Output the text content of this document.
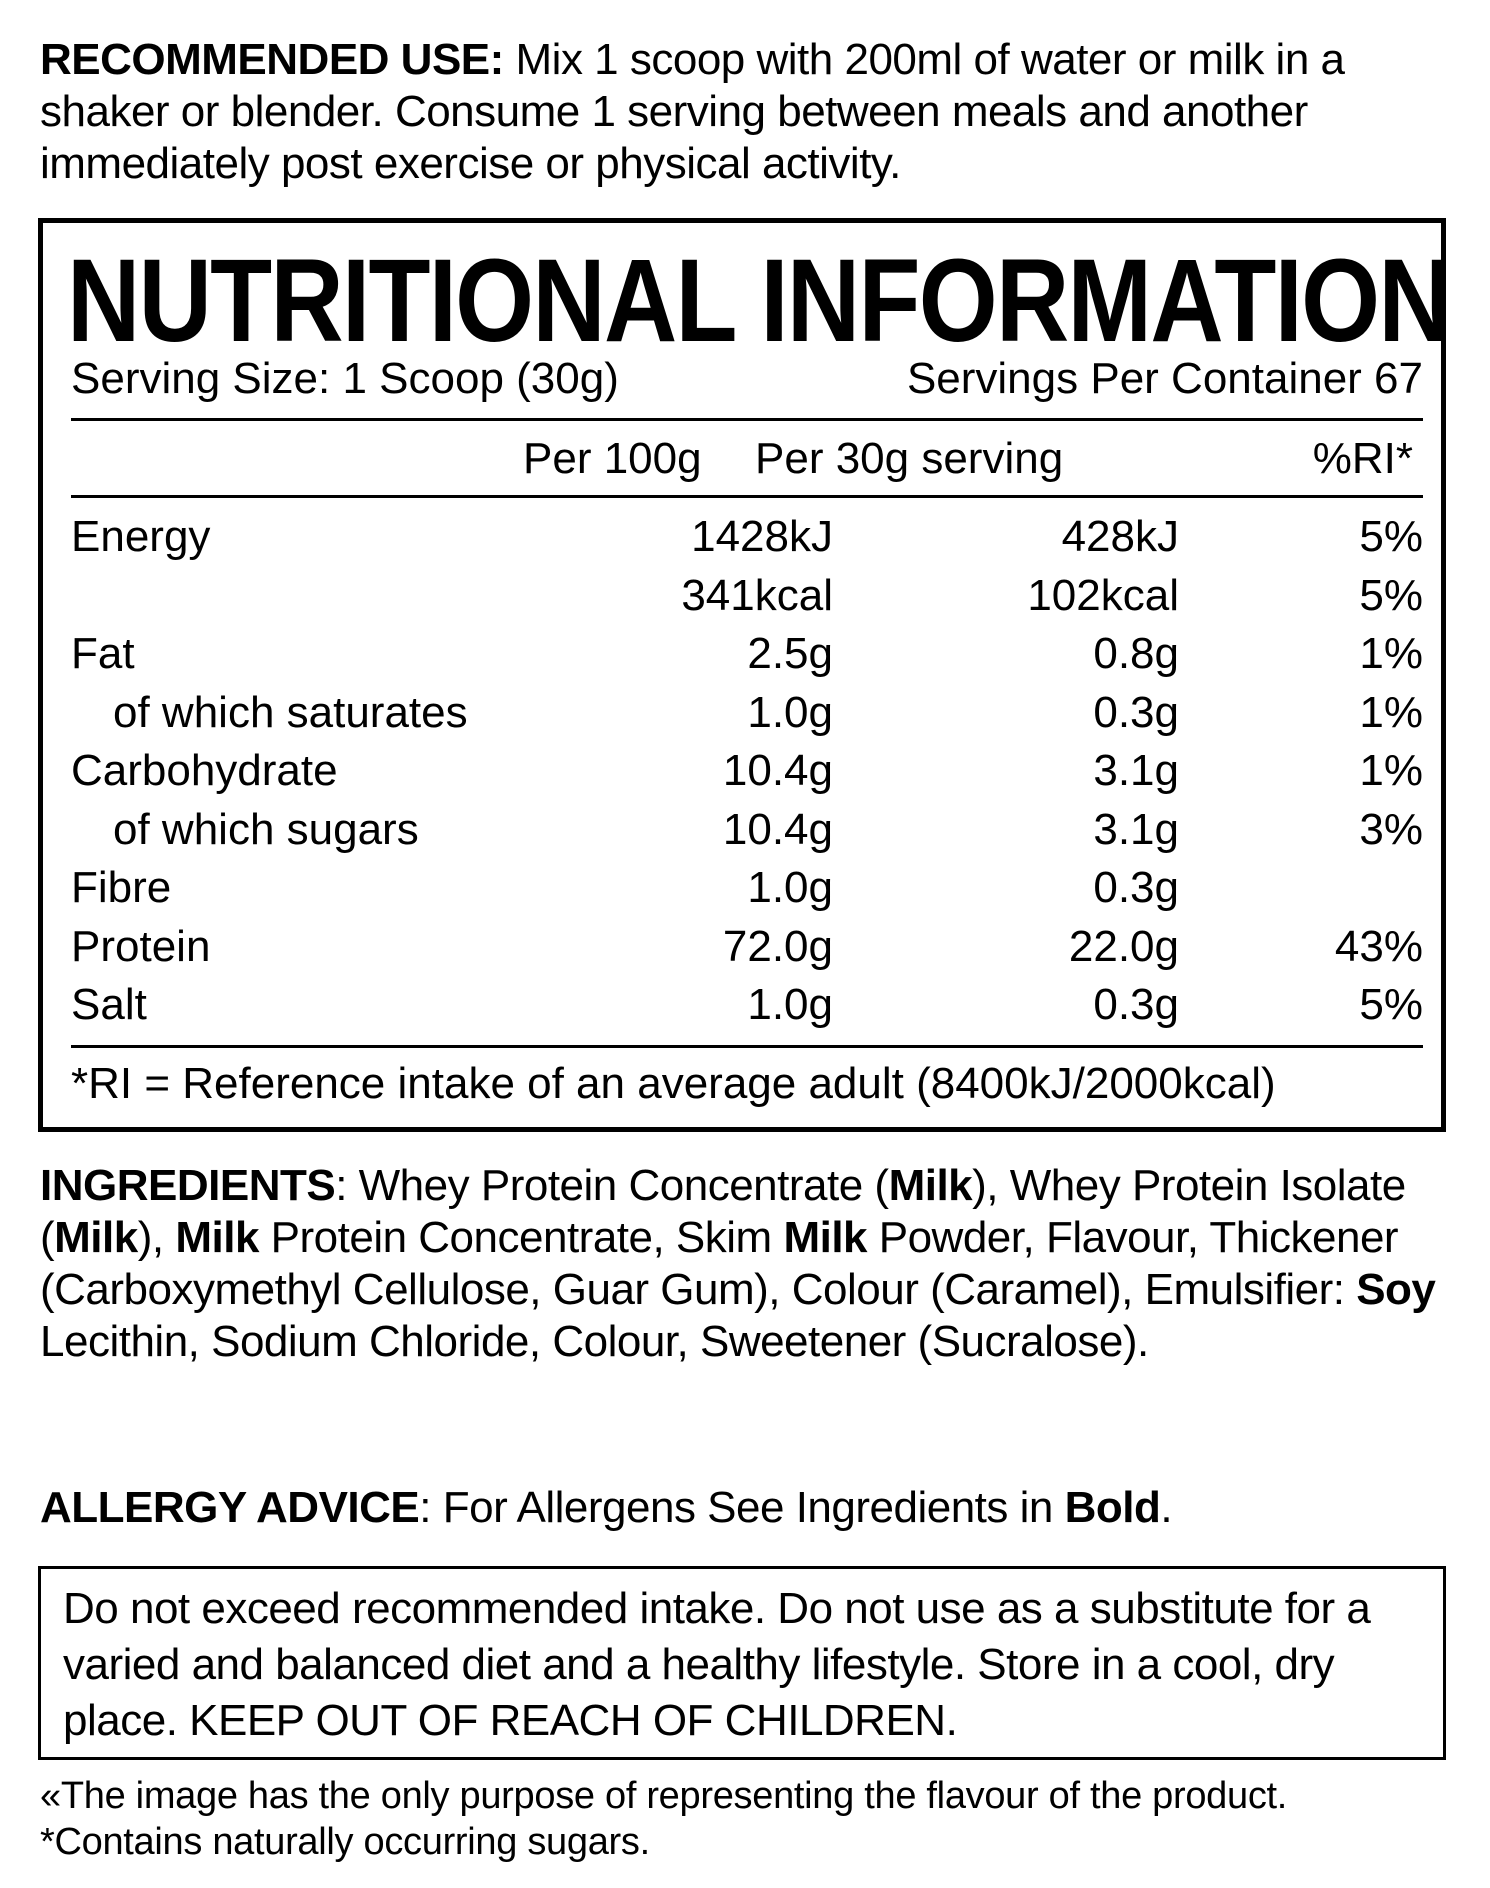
RECOMMENDED USE: Mix 1 scoop with 200ml of water or milk in a shaker or blender. Consume 1 serving between meals and another immediately post exercise or physical activity.
NUTRITIONAL INFORMATION
Serving Size: 1 Scoop (30g)	Servings Per Container 67
Per 100g Per 30g serving	%RI*
Energy	1428kJ	428kJ	5%
341kcal	102kcal	5%
Fat	2.5g	0.8g	1%
of which saturates	1.0g	0.3g	1%
Carbohydrate	10.4g	3.1g	1%
of which sugars	10.4g	3.1g	3%
Fibre	1.0g	0.3g
Protein	72.0g	22.0g	43%
Salt	1.0g	0.3g	5%
*RI = Reference intake of an average adult (8400kJ/2000kcal)
INGREDIENTS: Whey Protein Concentrate (Milk), Whey Protein Isolate (Milk), Milk Protein Concentrate, Skim Milk Powder, Flavour, Thickener (Carboxymethyl Cellulose, Guar Gum), Colour (Caramel), Emulsifier: Soy Lecithin, Sodium Chloride, Colour, Sweetener (Sucralose).
ALLERGY ADVICE: For Allergens See Ingredients in Bold.
Do not exceed recommended intake. Do not use as a substitute for a varied and balanced diet and a healthy lifestyle. Store in a cool, dry place. KEEP OUT OF REACH OF CHILDREN.
«The image has the only purpose of representing the flavour of the product.
*Contains naturally occurring sugars.
